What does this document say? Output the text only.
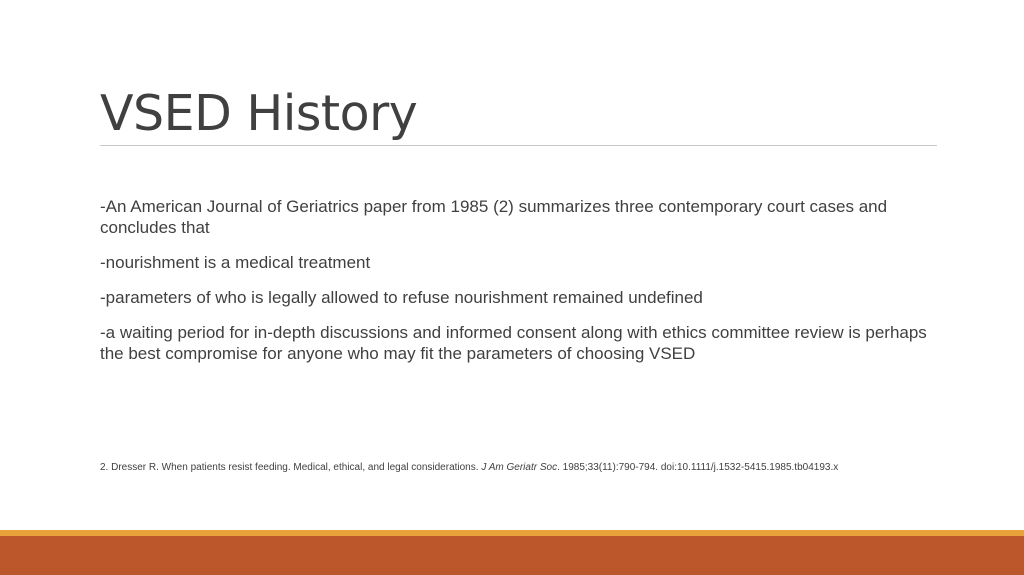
VSED History

-An American Journal of Geriatrics paper from 1985 (2) summarizes three contemporary court cases and concludes that

-nourishment is a medical treatment

-parameters of who is legally allowed to refuse nourishment remained undefined

-a waiting period for in-depth discussions and informed consent along with ethics committee review is perhaps the best compromise for anyone who may fit the parameters of choosing VSED

2. Dresser R. When patients resist feeding. Medical, ethical, and legal considerations. J Am Geriatr Soc. 1985;33(11):790-794. doi:10.1111/j.1532-5415.1985.tb04193.x
